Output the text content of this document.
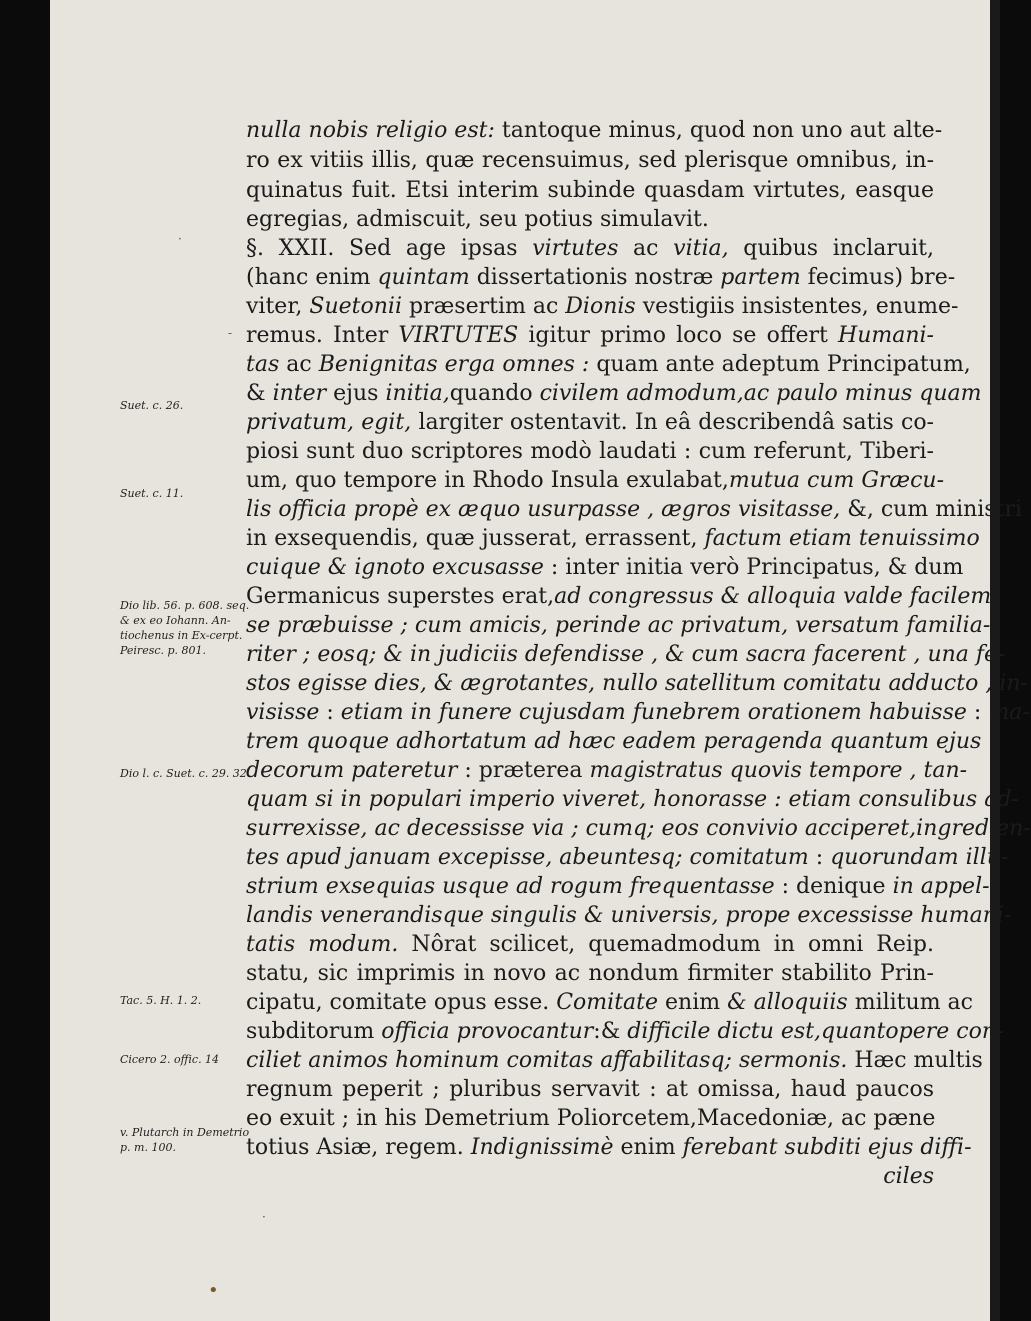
nulla nobis religio est: tantoque minus, quod non uno aut alte-
ro ex vitiis illis, quæ recensuimus, sed plerisque omnibus, in-
quinatus fuit. Etsi interim subinde quasdam virtutes, easque
egregias, admiscuit, seu potius simulavit.
§. XXII. Sed age ipsas virtutes ac vitia, quibus inclaruit,
(hanc enim quintam dissertationis nostræ partem fecimus) bre-
viter, Suetonii præsertim ac Dionis vestigiis insistentes, enume-
remus. Inter VIRTUTES igitur primo loco se offert Humani-
tas ac Benignitas erga omnes : quam ante adeptum Principatum,
& inter ejus initia,quando civilem admodum,ac paulo minus quam
privatum, egit, largiter ostentavit. In eâ describendâ satis co-
piosi sunt duo scriptores modò laudati : cum referunt, Tiberi-
um, quo tempore in Rhodo Insula exulabat,mutua cum Græcu-
lis officia propè ex æquo usurpasse , ægros visitasse, &, cum ministri
in exsequendis, quæ jusserat, errassent, factum etiam tenuissimo
cuique & ignoto excusasse : inter initia verò Principatus, & dum
Germanicus superstes erat,ad congressus & alloquia valde facilem
se præbuisse ; cum amicis, perinde ac privatum, versatum familia-
riter ; eosq; & in judiciis defendisse , & cum sacra facerent , una fe-
stos egisse dies, & ægrotantes, nullo satellitum comitatu adducto , in-
visisse : etiam in funere cujusdam funebrem orationem habuisse : ma-
trem quoque adhortatum ad hæc eadem peragenda quantum ejus
decorum pateretur : præterea magistratus quovis tempore , tan-
quam si in populari imperio viveret, honorasse : etiam consulibus ad-
surrexisse, ac decessisse via ; cumq; eos convivio acciperet,ingredien-
tes apud januam excepisse, abeuntesq; comitatum : quorundam illu-
strium exsequias usque ad rogum frequentasse : denique in appel-
landis venerandisque singulis & universis, prope excessisse humani-
tatis modum. Nôrat scilicet, quemadmodum in omni Reip.
statu, sic imprimis in novo ac nondum firmiter stabilito Prin-
cipatu, comitate opus esse. Comitate enim & alloquiis militum ac
subditorum officia provocantur:& difficile dictu est,quantopere con-
ciliet animos hominum comitas affabilitasq; sermonis. Hæc multis
regnum peperit ; pluribus servavit : at omissa, haud paucos
eo exuit ; in his Demetrium Poliorcetem,Macedoniæ, ac pæne
totius Asiæ, regem. Indignissimè enim ferebant subditi ejus diffi-
ciles
Suet. c. 26.
Suet. c. 11.
Dio lib. 56. p. 608. seq. & ex eo Iohann. An-tiochenus in Ex-cerpt. Peiresc. p. 801.
Dio l. c. Suet. c. 29. 32.
Tac. 5. H. 1. 2.
Cicero 2. offic. 14
v. Plutarch in Demetrio p. m. 100.
·
-
·
•
